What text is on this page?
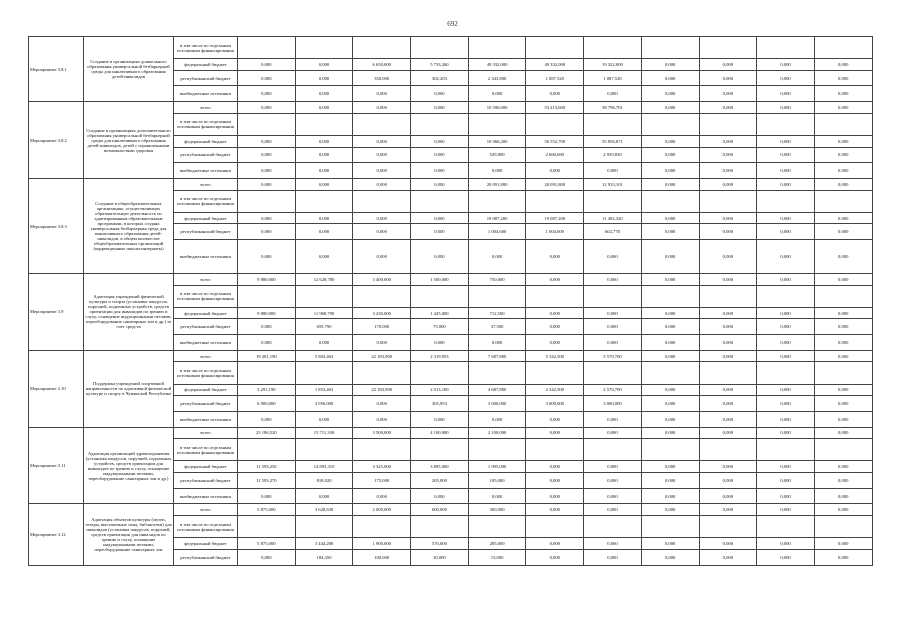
692
Мероприятие 3.8.1	Создание в организациях дошкольного образования универсальной безбарьерной среды для инклюзивного образования детей-инвалидов	в том числе по отдельным источникам финансирования											
		федеральный бюджет	0,000	0,000	6 650,000	5 733,260	49 332,000	49 332,000	19 322,000	0,000	0,000	0,000	0,000
		республиканский бюджет	0,000	0,000	350,000	302,203	2 343,800	1 087,520	1 087,520	0,000	0,000	0,000	0,000
		внебюджетные источники	0,000	0,000	0,000	0,000	0,000	0,000	0,000	0,000	0,000	0,000	0,000
Мероприятие 3.8.2	Создание в организациях дополнительного образования универсальной безбарьерной среды для инклюзивного образования детей-инвалидов, детей с ограниченными возможностями здоровья	всего	0,000	0,000	0,000	0,000	10 596,000	53 213,600	58 796,701	0,000	0,000	0,000	0,000
		в том числе по отдельным источникам финансирования											
		федеральный бюджет	0,000	0,000	0,000	0,000	10 066,200	50 552,700	55 856,871	0,000	0,000	0,000	0,000
		республиканский бюджет	0,000	0,000	0,000	0,000	529,800	2 660,690	2 939,830	0,000	0,000	0,000	0,000
		внебюджетные источники	0,000	0,000	0,000	0,000	0,000	0,000	0,000	0,000	0,000	0,000	0,000
Мероприятие 3.8.3	Создание в общеобразовательных организациях, осуществляющих образовательную деятельность по адаптированным образовательным программам, в которых создана универсальная безбарьерная среда для инклюзивного образования детей-инвалидов, в общем количестве общеобразовательных организаций (коррекционные школы-интернаты)	всего	0,000	0,000	0,000	0,000	20 091,800	20 091,800	12 933,101	0,000	0,000	0,000	0,000
		в том числе по отдельным источникам финансирования											
		федеральный бюджет	0,000	0,000	0,000	0,000	19 087,200	19 087,200	11 482,320	0,000	0,000	0,000	0,000
		республиканский бюджет	0,000	0,000	0,000	0,000	1 004,600	1 004,600	602,770	0,000	0,000	0,000	0,000
		внебюджетные источники	0,000	0,000	0,000	0,000	0,000	0,000	0,000	0,000	0,000	0,000	0,000
Мероприятие 3.9	Адаптация учреждений физической культуры и спорта (установка пандусов, поручней, подъемных устройств, средств ориентации для инвалидов по зрению и слуху, оснащение индукционными петлями, переоборудование санитарных зон и др.) за счет средств	всего	9 880,000	12 628,780	3 400,000	1 500,000	750,000	0,000	0,000	0,000	0,000	0,000	0,000
		в том числе по отдельным источникам финансирования											
		федеральный бюджет	9 880,000	11 968,790	3 230,000	1 425,000	712,500	0,000	0,000	0,000	0,000	0,000	0,000
		республиканский бюджет	0,000	659,790	170,000	75,000	37,500	0,000	0,000	0,000	0,000	0,000	0,000
		внебюджетные источники	0,000	0,000	0,000	0,000	0,000	0,000	0,000	0,000	0,000	0,000	0,000
Мероприятие 3.10	Поддержка учреждений спортивной направленности по адаптивной физической культуре и спорту в Чувашской Республике	всего	19 201,190	5 803,463	22 183,900	2 319,953	7 687,800	5 342,500	5 570,700	0,000	0,000	0,000	0,000
		в том числе по отдельным источникам финансирования											
		федеральный бюджет	3 291,190	1 853,463	22 183,900	2 013,100	4 687,800	2 342,500	2 570,700	0,000	0,000	0,000	0,000
		республиканский бюджет	6 900,000	3 950,000	0,000	305,953	3 000,000	3 000,000	3 000,000	0,000	0,000	0,000	0,000
		внебюджетные источники	0,000	0,000	0,000	0,000	0,000	0,000	0,000	0,000	0,000	0,000	0,000
Мероприятие 3.11	Адаптация организаций здравоохранения (установка пандусов, поручней, подъемных устройств, средств ориентации для инвалидов по зрению и слуху, оснащение индукционными петлями, переоборудование санитарных зон и др.)	всего	23 186,520	15 711,330	3 500,000	4 100,000	2 100,000	0,000	0,000	0,000	0,000	0,000	0,000
		в том числе по отдельным источникам финансирования											
		федеральный бюджет	11 593,250	14 893,310	3 325,000	3 895,000	1 995,000	0,000	0,000	0,000	0,000	0,000	0,000
		республиканский бюджет	11 593,270	818,020	175,000	205,000	105,000	0,000	0,000	0,000	0,000	0,000	0,000
		внебюджетные источники	0,000	0,000	0,000	0,000	0,000	0,000	0,000	0,000	0,000	0,000	0,000
Мероприятие 3.12	Адаптация объектов культуры (музеи, театры, выставочные залы, библиотеки) для инвалидов (установка пандусов, поручней, средств ориентации для инвалидов по зрению и слуху, оснащение индукционными петлями, переоборудование санитарных зон	всего	5 875,000	3 628,630	2 000,000	600,000	300,000	0,000	0,000	0,000	0,000	0,000	0,000
		в том числе по отдельным источникам финансирования											
		федеральный бюджет	5 875,000	3 444,280	1 900,000	570,000	285,000	0,000	0,000	0,000	0,000	0,000	0,000
		республиканский бюджет	0,000	184,350	100,000	30,000	15,000	0,000	0,000	0,000	0,000	0,000	0,000
